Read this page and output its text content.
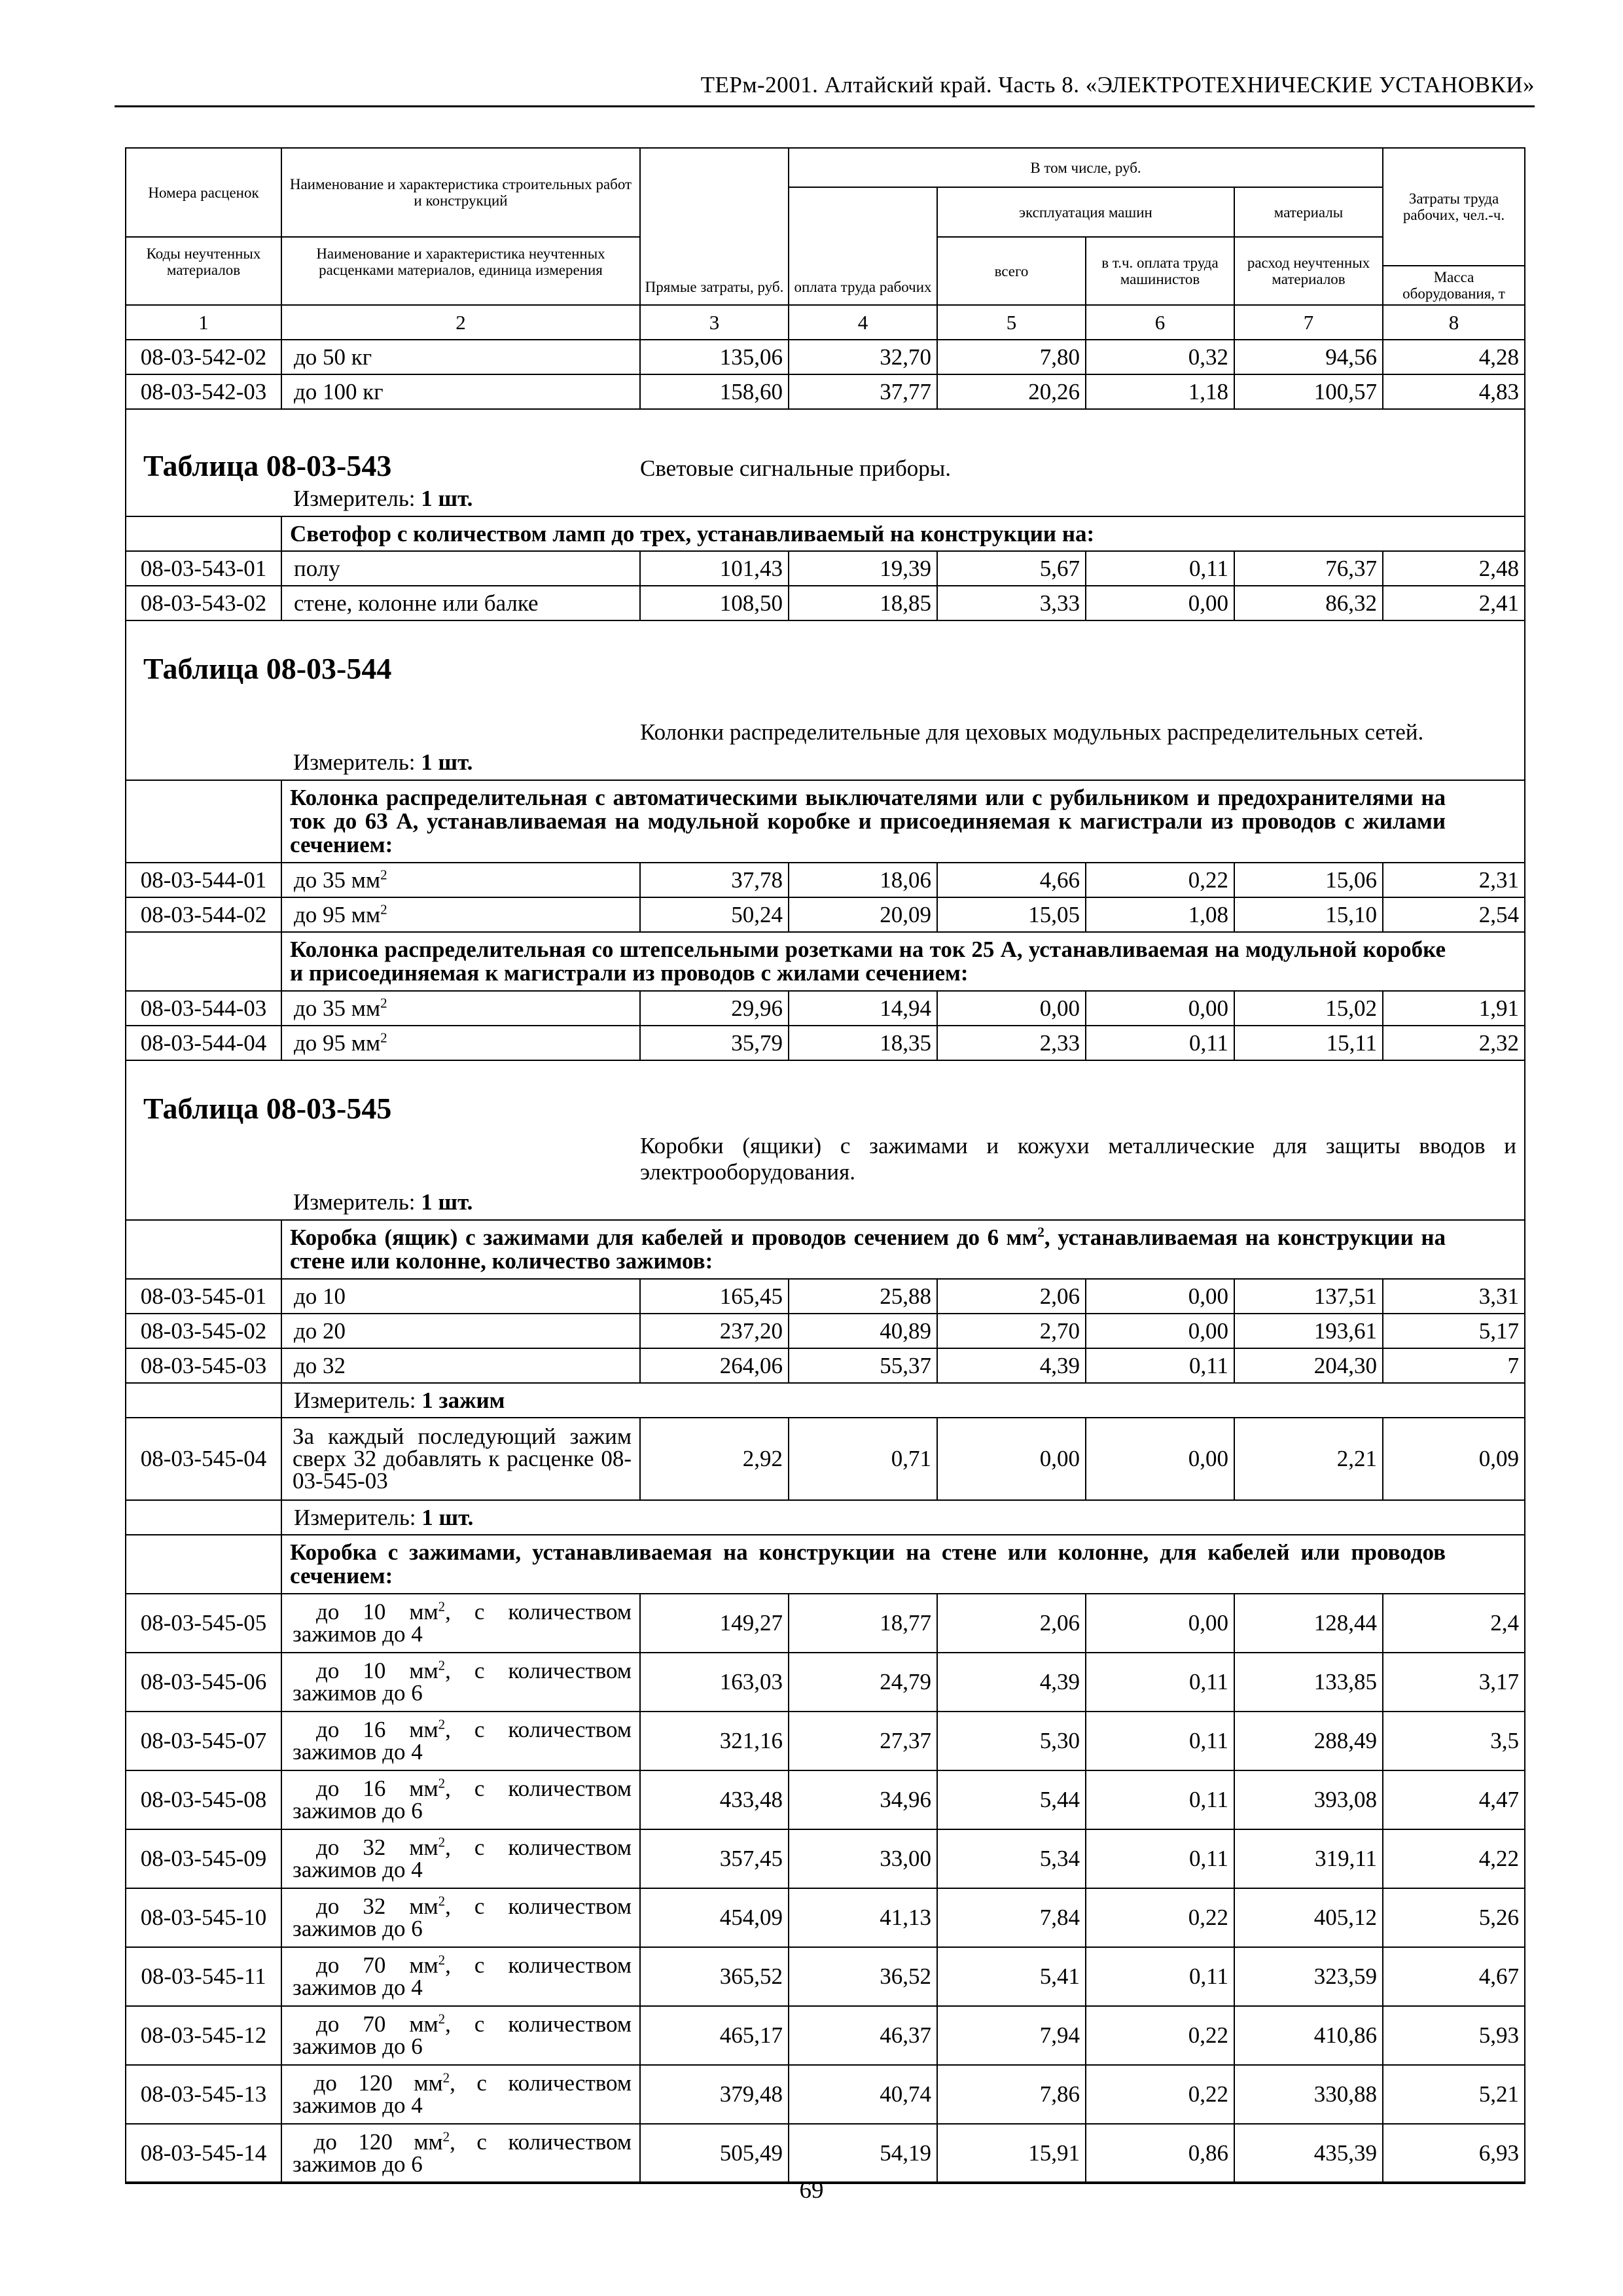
ТЕРм-2001. Алтайский край. Часть 8. «ЭЛЕКТРОТЕХНИЧЕСКИЕ УСТАНОВКИ»
Номера расценок	Наименование и характеристика строительных работ и конструкций	Прямые затраты, руб.	В том числе, руб.				Затраты труда рабочих, чел.-ч.
			оплата труда рабочих	эксплуатация машин		материалы	
Коды неучтенных материалов	Наименование и характеристика неучтенных расценками материалов, единица измерения			всего	в т.ч. оплата труда машинистов	расход неучтенных материалов	
							Масса оборудования, т
1	2	3	4	5	6	7	8
08-03-542-02	до 50 кг	135,06	32,70	7,80	0,32	94,56	4,28
08-03-542-03	до 100 кг	158,60	37,77	20,26	1,18	100,57	4,83
Таблица 08-03-543		Световые сигнальные приборы.					
	Измеритель: 1 шт.						
	Светофор с количеством ламп до трех, устанавливаемый на конструкции на:						
08-03-543-01	полу	101,43	19,39	5,67	0,11	76,37	2,48
08-03-543-02	стене, колонне или балке	108,50	18,85	3,33	0,00	86,32	2,41
Таблица 08-03-544		Колонки распределительные для цеховых модульных распределительных сетей.					
	Измеритель: 1 шт.						
	Колонка распределительная с автоматическими выключателями или с рубильником и предохранителями на ток до 63 А, устанавливаемая на модульной коробке и присоединяемая к магистрали из проводов с жилами сечением:						
08-03-544-01	до 35 $мм^2$	37,78	18,06	4,66	0,22	15,06	2,31
08-03-544-02	до 95 $мм^2$	50,24	20,09	15,05	1,08	15,10	2,54
	Колонка распределительная со штепсельными розетками на ток 25 А, устанавливаемая на модульной коробке и присоединяемая к магистрали из проводов с жилами сечением:						
08-03-544-03	до 35 $мм^2$	29,96	14,94	0,00	0,00	15,02	1,91
08-03-544-04	до 95 $мм^2$	35,79	18,35	2,33	0,11	15,11	2,32
Таблица 08-03-545		Коробки (ящики) с зажимами и кожухи металлические для защиты вводов и электрооборудования.					
	Измеритель: 1 шт.						
	Коробка (ящик) с зажимами для кабелей и проводов сечением до 6 $мм^2$, устанавливаемая на конструкции на стене или колонне, количество зажимов:						
08-03-545-01	до 10	165,45	25,88	2,06	0,00	137,51	3,31
08-03-545-02	до 20	237,20	40,89	2,70	0,00	193,61	5,17
08-03-545-03	до 32	264,06	55,37	4,39	0,11	204,30	7
	Измеритель: 1 зажим						
08-03-545-04	За каждый последующий зажим сверх 32 добавлять к расценке 08-03-545-03	2,92	0,71	0,00	0,00	2,21	0,09
	Измеритель: 1 шт.						
	Коробка с зажимами, устанавливаемая на конструкции на стене или колонне, для кабелей или проводов сечением:						
08-03-545-05	до 10 $мм^2$, с количеством зажимов до 4	149,27	18,77	2,06	0,00	128,44	2,4
08-03-545-06	до 10 $мм^2$, с количеством зажимов до 6	163,03	24,79	4,39	0,11	133,85	3,17
08-03-545-07	до 16 $мм^2$, с количеством зажимов до 4	321,16	27,37	5,30	0,11	288,49	3,5
08-03-545-08	до 16 $мм^2$, с количеством зажимов до 6	433,48	34,96	5,44	0,11	393,08	4,47
08-03-545-09	до 32 $мм^2$, с количеством зажимов до 4	357,45	33,00	5,34	0,11	319,11	4,22
08-03-545-10	до 32 $мм^2$, с количеством зажимов до 6	454,09	41,13	7,84	0,22	405,12	5,26
08-03-545-11	до 70 $мм^2$, с количеством зажимов до 4	365,52	36,52	5,41	0,11	323,59	4,67
08-03-545-12	до 70 $мм^2$, с количеством зажимов до 6	465,17	46,37	7,94	0,22	410,86	5,93
08-03-545-13	до 120 $мм^2$, с количеством зажимов до 4	379,48	40,74	7,86	0,22	330,88	5,21
08-03-545-14	до 120 $мм^2$, с количеством зажимов до 6	505,49	54,19	15,91	0,86	435,39	6,93
69
